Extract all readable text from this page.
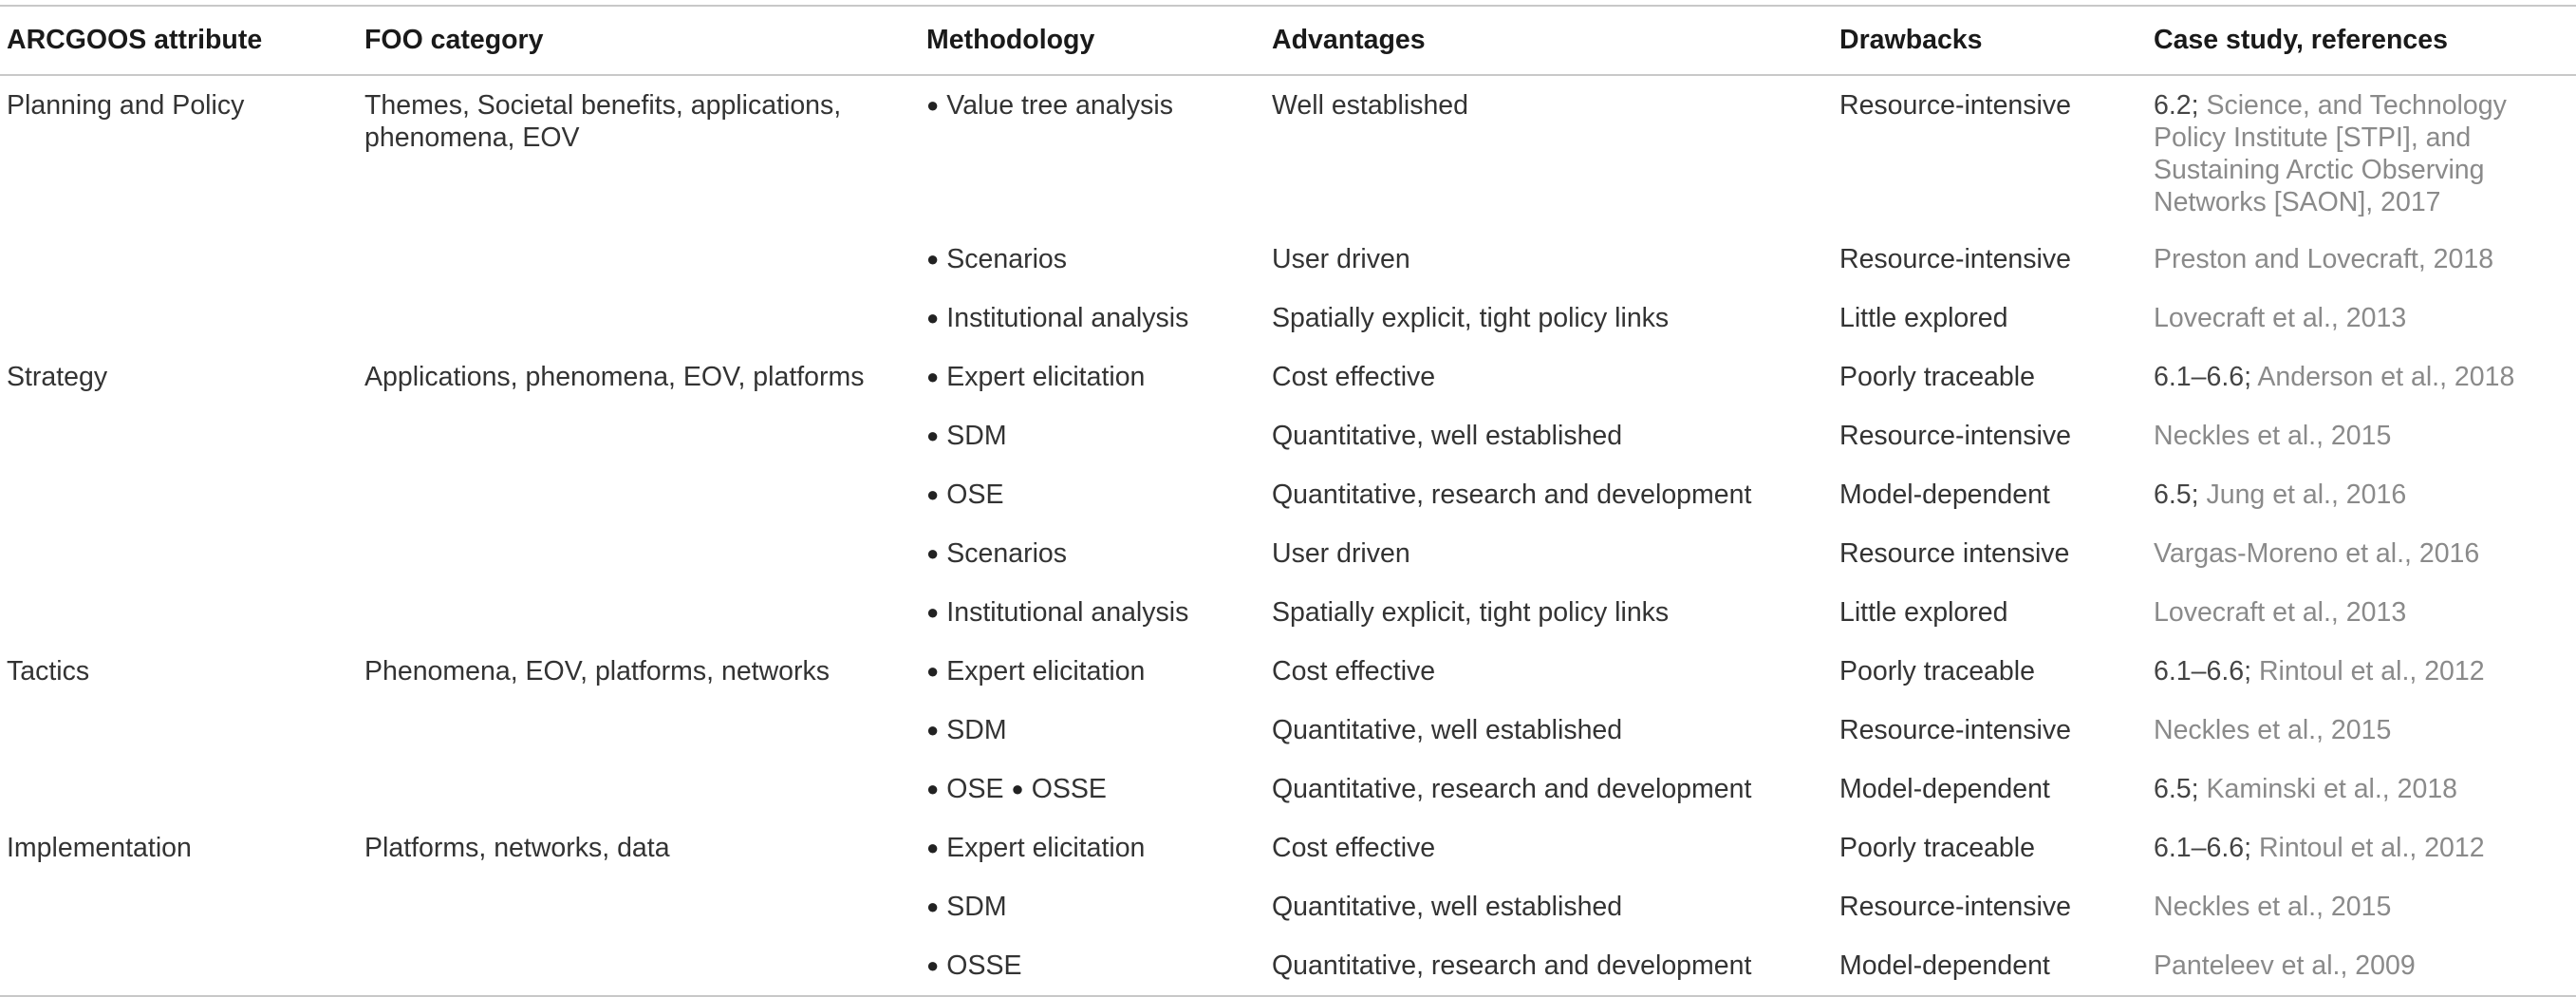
ARCGOOS attribute	FOO category	Methodology	Advantages	Drawbacks	Case study, references
Planning and Policy	Themes, Societal benefits, applications, phenomena, EOV	● Value tree analysis	Well established	Resource-intensive	6.2; Science, and Technology Policy Institute [STPI], and Sustaining Arctic Observing Networks [SAON], 2017
		● Scenarios	User driven	Resource-intensive	Preston and Lovecraft, 2018
		● Institutional analysis	Spatially explicit, tight policy links	Little explored	Lovecraft et al., 2013
Strategy	Applications, phenomena, EOV, platforms	● Expert elicitation	Cost effective	Poorly traceable	6.1–6.6; Anderson et al., 2018
		● SDM	Quantitative, well established	Resource-intensive	Neckles et al., 2015
		● OSE	Quantitative, research and development	Model-dependent	6.5; Jung et al., 2016
		● Scenarios	User driven	Resource intensive	Vargas-Moreno et al., 2016
		● Institutional analysis	Spatially explicit, tight policy links	Little explored	Lovecraft et al., 2013
Tactics	Phenomena, EOV, platforms, networks	● Expert elicitation	Cost effective	Poorly traceable	6.1–6.6; Rintoul et al., 2012
		● SDM	Quantitative, well established	Resource-intensive	Neckles et al., 2015
		● OSE ● OSSE	Quantitative, research and development	Model-dependent	6.5; Kaminski et al., 2018
Implementation	Platforms, networks, data	● Expert elicitation	Cost effective	Poorly traceable	6.1–6.6; Rintoul et al., 2012
		● SDM	Quantitative, well established	Resource-intensive	Neckles et al., 2015
		● OSSE	Quantitative, research and development	Model-dependent	Panteleev et al., 2009
